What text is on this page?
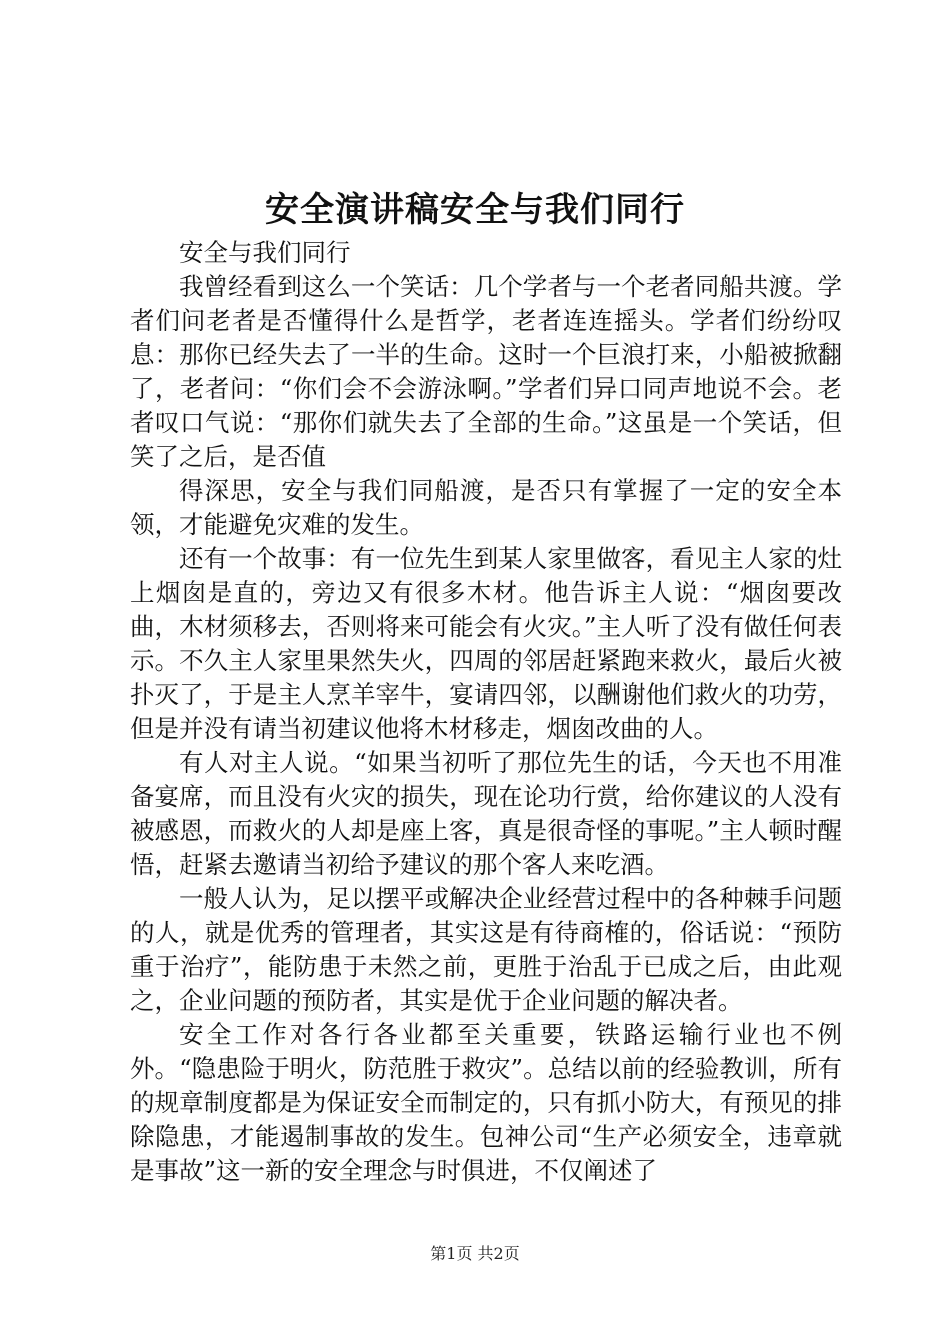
安全演讲稿安全与我们同行

安全与我们同行

我曾经看到这么一个笑话：几个学者与一个老者同船共渡。学者们问老者是否懂得什么是哲学，老者连连摇头。学者们纷纷叹息：那你已经失去了一半的生命。这时一个巨浪打来，小船被掀翻了，老者问：“你们会不会游泳啊。”学者们异口同声地说不会。老者叹口气说：“那你们就失去了全部的生命。”这虽是一个笑话，但笑了之后，是否值

得深思，安全与我们同船渡，是否只有掌握了一定的安全本领，才能避免灾难的发生。

还有一个故事：有一位先生到某人家里做客，看见主人家的灶上烟囱是直的，旁边又有很多木材。他告诉主人说：“烟囱要改曲，木材须移去，否则将来可能会有火灾。”主人听了没有做任何表示。不久主人家里果然失火，四周的邻居赶紧跑来救火，最后火被扑灭了，于是主人烹羊宰牛，宴请四邻，以酬谢他们救火的功劳，但是并没有请当初建议他将木材移走，烟囱改曲的人。

有人对主人说。“如果当初听了那位先生的话，今天也不用准备宴席，而且没有火灾的损失，现在论功行赏，给你建议的人没有被感恩，而救火的人却是座上客，真是很奇怪的事呢。”主人顿时醒悟，赶紧去邀请当初给予建议的那个客人来吃酒。

一般人认为，足以摆平或解决企业经营过程中的各种棘手问题的人，就是优秀的管理者，其实这是有待商榷的，俗话说：“预防重于治疗”，能防患于未然之前，更胜于治乱于已成之后，由此观之，企业问题的预防者，其实是优于企业问题的解决者。

安全工作对各行各业都至关重要，铁路运输行业也不例外。“隐患险于明火，防范胜于救灾”。总结以前的经验教训，所有的规章制度都是为保证安全而制定的，只有抓小防大，有预见的排除隐患，才能遏制事故的发生。包神公司“生产必须安全，违章就是事故”这一新的安全理念与时俱进，不仅阐述了

第1页 共2页
